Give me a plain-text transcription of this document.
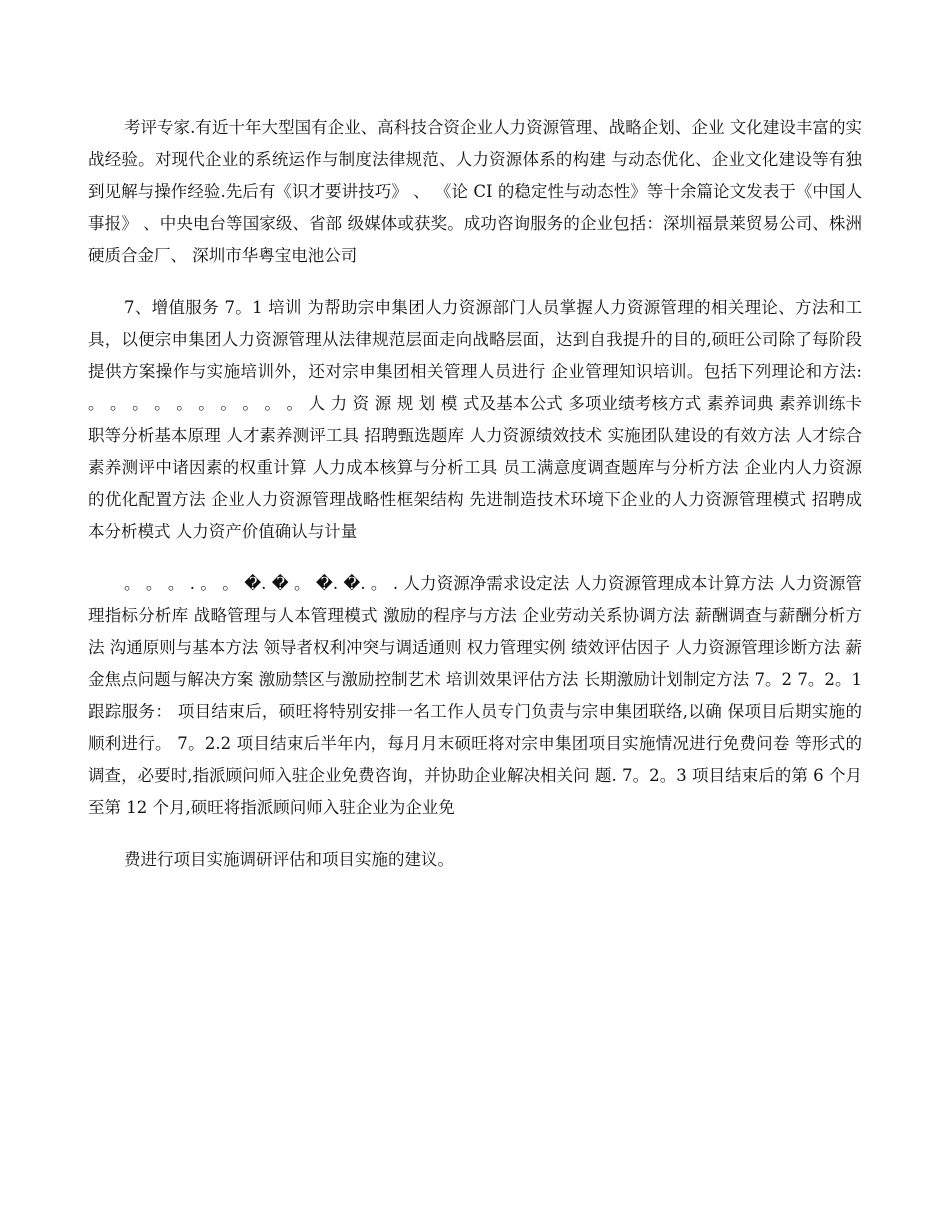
考评专家.有近十年大型国有企业、高科技合资企业人力资源管理、战略企划、企业 文化建设丰富的实战经验。对现代企业的系统运作与制度法律规范、人力资源体系的构建 与动态优化、企业文化建设等有独到见解与操作经验.先后有《识才要讲技巧》 、 《论 CI 的稳定性与动态性》等十余篇论文发表于《中国人事报》 、中央电台等国家级、省部 级媒体或获奖。成功咨询服务的企业包括：深圳福景莱贸易公司、株洲硬质合金厂、 深圳市华粤宝电池公司

7、增值服务 7。1 培训 为帮助宗申集团人力资源部门人员掌握人力资源管理的相关理论、方法和工 具，以便宗申集团人力资源管理从法律规范层面走向战略层面，达到自我提升的目的,硕旺公司除了每阶段提供方案操作与实施培训外，还对宗申集团相关管理人员进行 企业管理知识培训。包括下列理论和方法: 。 。 。 。 。 。 。 。 。 。 人 力 资 源 规 划 模 式及基本公式 多项业绩考核方式 素养词典 素养训练卡 职等分析基本原理 人才素养测评工具 招聘甄选题库 人力资源绩效技术 实施团队建设的有效方法 人才综合素养测评中诸因素的权重计算 人力成本核算与分析工具 员工满意度调查题库与分析方法 企业内人力资源的优化配置方法 企业人力资源管理战略性框架结构 先进制造技术环境下企业的人力资源管理模式 招聘成本分析模式 人力资产价值确认与计量

。 。 。 . 。 。 �. � 。 �. �. 。 . 人力资源净需求设定法 人力资源管理成本计算方法 人力资源管理指标分析库 战略管理与人本管理模式 激励的程序与方法 企业劳动关系协调方法 薪酬调查与薪酬分析方法 沟通原则与基本方法 领导者权利冲突与调适通则 权力管理实例 绩效评估因子 人力资源管理诊断方法 薪金焦点问题与解决方案 激励禁区与激励控制艺术 培训效果评估方法 长期激励计划制定方法 7。2 7。2。1 跟踪服务： 项目结束后，硕旺将特别安排一名工作人员专门负责与宗申集团联络,以确 保项目后期实施的顺利进行。 7。2.2 项目结束后半年内，每月月末硕旺将对宗申集团项目实施情况进行免费问卷 等形式的调查，必要时,指派顾问师入驻企业免费咨询，并协助企业解决相关问 题. 7。2。3 项目结束后的第 6 个月至第 12 个月,硕旺将指派顾问师入驻企业为企业免

费进行项目实施调研评估和项目实施的建议。
